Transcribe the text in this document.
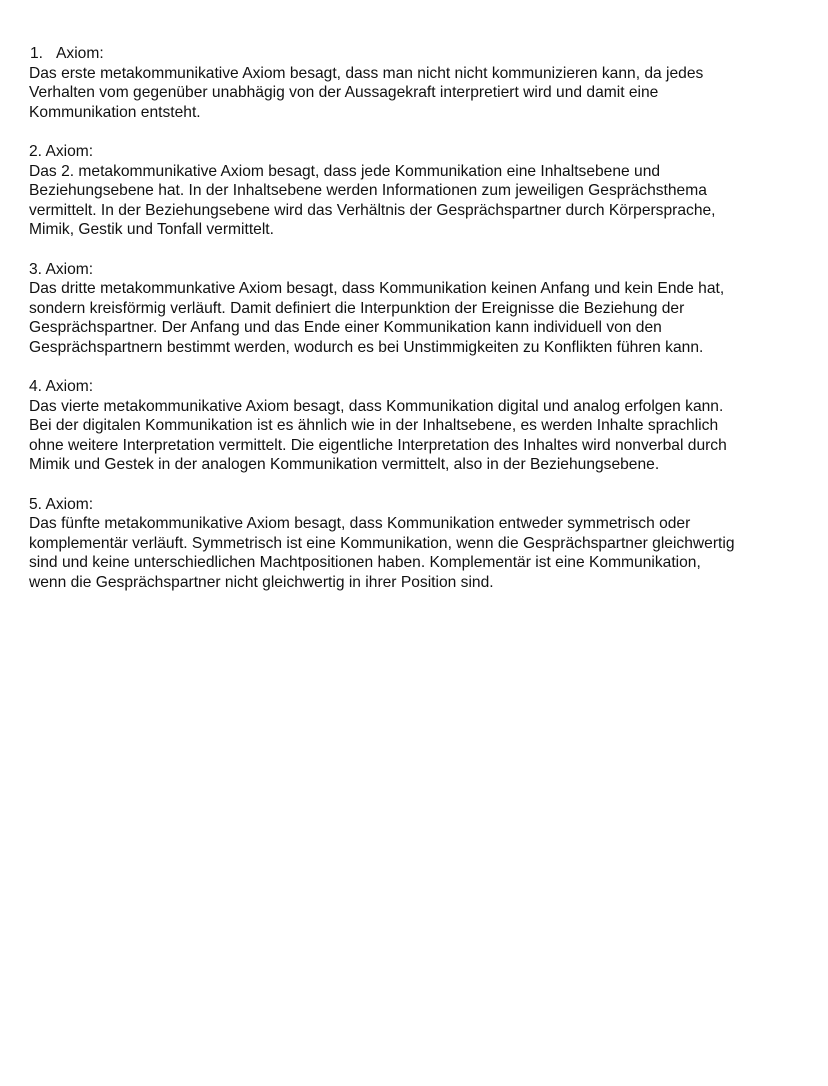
1. Axiom:
Das erste metakommunikative Axiom besagt, dass man nicht nicht kommunizieren kann, da jedes
Verhalten vom gegenüber unabhägig von der Aussagekraft interpretiert wird und damit eine
Kommunikation entsteht.
2. Axiom:
Das 2. metakommunikative Axiom besagt, dass jede Kommunikation eine Inhaltsebene und
Beziehungsebene hat. In der Inhaltsebene werden Informationen zum jeweiligen Gesprächsthema
vermittelt. In der Beziehungsebene wird das Verhältnis der Gesprächspartner durch Körpersprache,
Mimik, Gestik und Tonfall vermittelt.
3. Axiom:
Das dritte metakommunkative Axiom besagt, dass Kommunikation keinen Anfang und kein Ende hat,
sondern kreisförmig verläuft. Damit definiert die Interpunktion der Ereignisse die Beziehung der
Gesprächspartner. Der Anfang und das Ende einer Kommunikation kann individuell von den
Gesprächspartnern bestimmt werden, wodurch es bei Unstimmigkeiten zu Konflikten führen kann.
4. Axiom:
Das vierte metakommunikative Axiom besagt, dass Kommunikation digital und analog erfolgen kann.
Bei der digitalen Kommunikation ist es ähnlich wie in der Inhaltsebene, es werden Inhalte sprachlich
ohne weitere Interpretation vermittelt. Die eigentliche Interpretation des Inhaltes wird nonverbal durch
Mimik und Gestek in der analogen Kommunikation vermittelt, also in der Beziehungsebene.
5. Axiom:
Das fünfte metakommunikative Axiom besagt, dass Kommunikation entweder symmetrisch oder
komplementär verläuft. Symmetrisch ist eine Kommunikation, wenn die Gesprächspartner gleichwertig
sind und keine unterschiedlichen Machtpositionen haben. Komplementär ist eine Kommunikation,
wenn die Gesprächspartner nicht gleichwertig in ihrer Position sind.
